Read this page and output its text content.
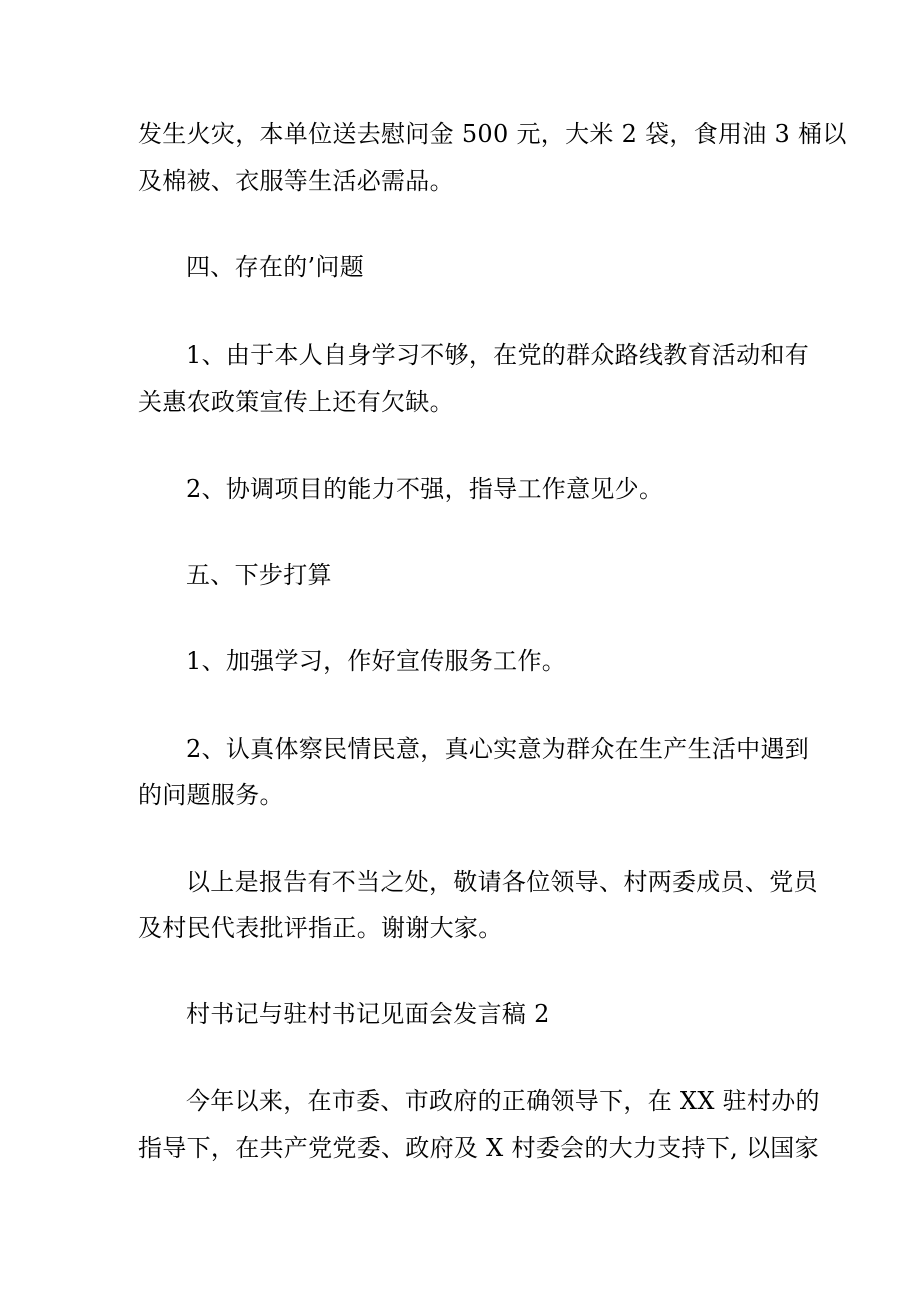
发生火灾，本单位送去慰问金 500 元，大米 2 袋，食用油 3 桶以
及棉被、衣服等生活必需品。
四、存在的’问题
1、由于本人自身学习不够，在党的群众路线教育活动和有
关惠农政策宣传上还有欠缺。
2、协调项目的能力不强，指导工作意见少。
五、下步打算
1、加强学习，作好宣传服务工作。
2、认真体察民情民意，真心实意为群众在生产生活中遇到
的问题服务。
以上是报告有不当之处，敬请各位领导、村两委成员、党员
及村民代表批评指正。谢谢大家。
村书记与驻村书记见面会发言稿 2
今年以来，在市委、市政府的正确领导下，在 XX 驻村办的
指导下，在共产党党委、政府及 X 村委会的大力支持下, 以国家
